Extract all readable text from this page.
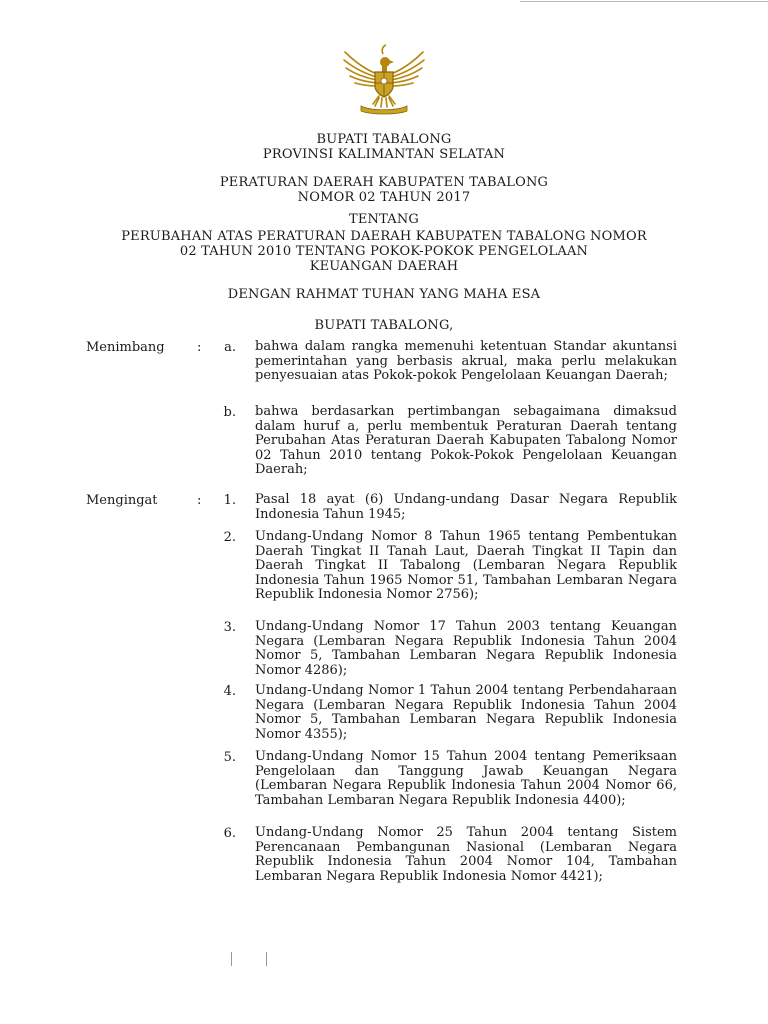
BUPATI TABALONG
PROVINSI KALIMANTAN SELATAN
PERATURAN DAERAH KABUPATEN TABALONG
NOMOR 02 TAHUN 2017
TENTANG
PERUBAHAN ATAS PERATURAN DAERAH KABUPATEN TABALONG NOMOR
02 TAHUN 2010 TENTANG POKOK-POKOK PENGELOLAAN
KEUANGAN DAERAH
DENGAN RAHMAT TUHAN YANG MAHA ESA
BUPATI TABALONG,
Menimbang :	a. bahwa dalam rangka memenuhi ketentuan Standar akuntansi pemerintahan yang berbasis akrual, maka perlu melakukan penyesuaian atas Pokok-pokok Pengelolaan Keuangan Daerah;
b. bahwa berdasarkan pertimbangan sebagaimana dimaksud dalam huruf a, perlu membentuk Peraturan Daerah tentang Perubahan Atas Peraturan Daerah Kabupaten Tabalong Nomor 02 Tahun 2010 tentang Pokok-Pokok Pengelolaan Keuangan Daerah;
Mengingat	:	1. Pasal 18 ayat (6) Undang-undang Dasar Negara Republik Indonesia Tahun 1945;
2. Undang-Undang Nomor 8 Tahun 1965 tentang Pembentukan Daerah Tingkat II Tanah Laut, Daerah Tingkat II Tapin dan Daerah Tingkat II Tabalong (Lembaran Negara Republik Indonesia Tahun 1965 Nomor 51, Tambahan Lembaran Negara Republik Indonesia Nomor 2756);
3. Undang-Undang Nomor 17 Tahun 2003 tentang Keuangan Negara (Lembaran Negara Republik Indonesia Tahun 2004 Nomor 5, Tambahan Lembaran Negara Republik Indonesia Nomor 4286);
4. Undang-Undang Nomor 1 Tahun 2004 tentang Perbendaharaan Negara (Lembaran Negara Republik Indonesia Tahun 2004 Nomor 5, Tambahan Lembaran Negara Republik Indonesia Nomor 4355);
5. Undang-Undang Nomor 15 Tahun 2004 tentang Pemeriksaan Pengelolaan dan Tanggung Jawab Keuangan Negara (Lembaran Negara Republik Indonesia Tahun 2004 Nomor 66, Tambahan Lembaran Negara Republik Indonesia 4400);
6. Undang-Undang Nomor 25 Tahun 2004 tentang Sistem Perencanaan Pembangunan Nasional (Lembaran Negara Republik Indonesia Tahun 2004 Nomor 104, Tambahan Lembaran Negara Republik Indonesia Nomor 4421);
